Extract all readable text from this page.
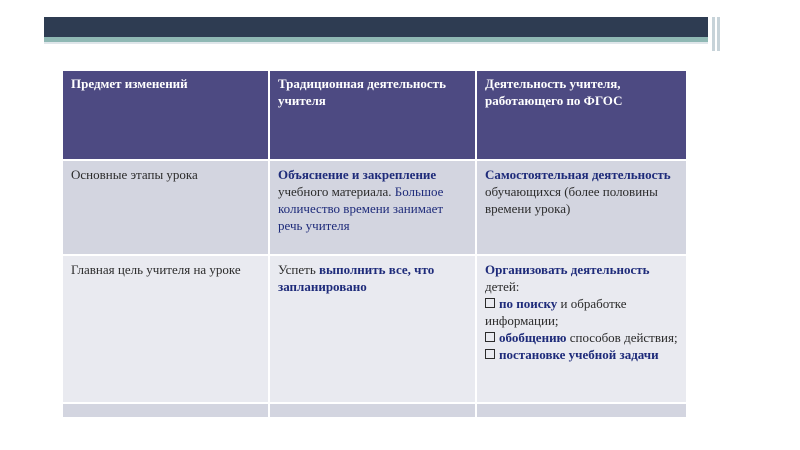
Предмет изменений	Традиционная деятельность учителя	Деятельность учителя, работающего по ФГОС
Основные этапы урока	Объяснение и закрепление учебного материала. Большое количество времени занимает речь учителя	Самостоятельная деятельность обучающихся (более половины времени урока)
Главная цель учителя на уроке	Успеть выполнить все, что запланировано	Организовать деятельность детей:
по поиску и обработке информации;
обобщению способов действия;
постановке учебной задачи
